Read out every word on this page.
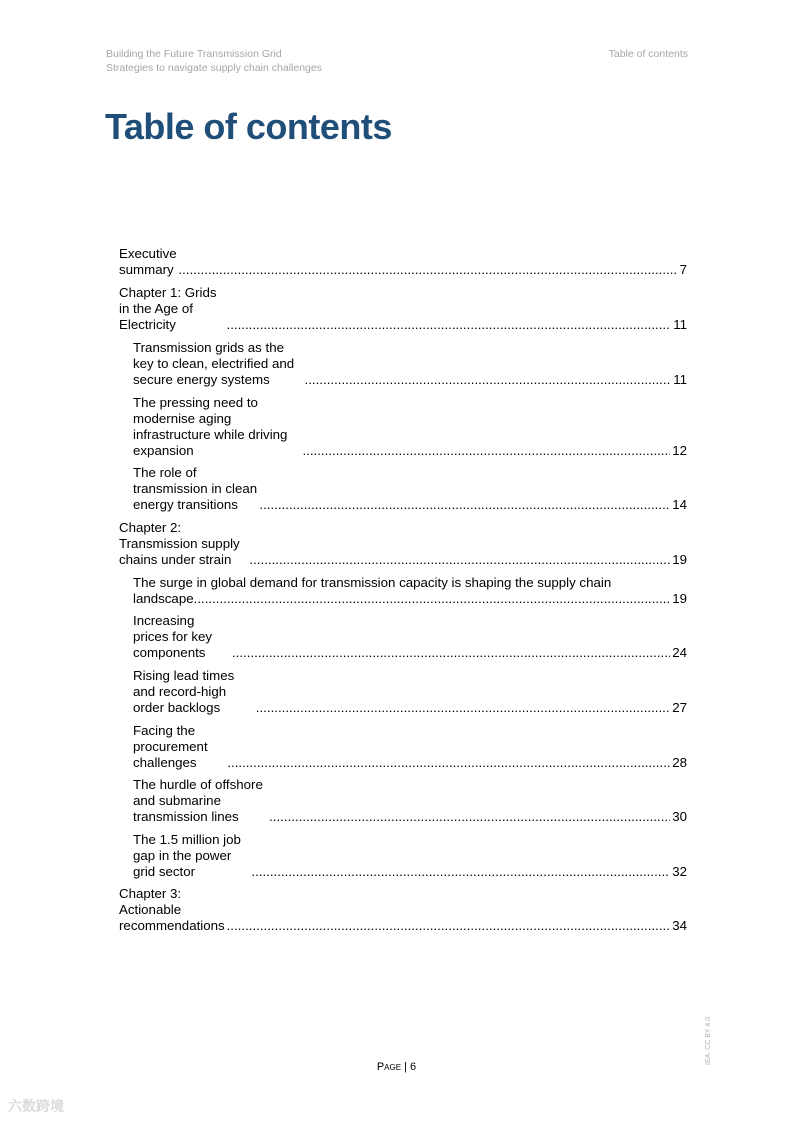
Building the Future Transmission Grid
Strategies to navigate supply chain challenges
Table of contents
Table of contents
Executive summary .....	7
Chapter 1: Grids in the Age of Electricity .....	11
Transmission grids as the key to clean, electrified and secure energy systems .....	11
The pressing need to modernise aging infrastructure while driving expansion .....	12
The role of transmission in clean energy transitions .....	14
Chapter 2: Transmission supply chains under strain .....	19
The surge in global demand for transmission capacity is shaping the supply chain
landscape .....	19
Increasing prices for key components .....	24
Rising lead times and record-high order backlogs .....	27
Facing the procurement challenges .....	28
The hurdle of offshore and submarine transmission lines .....	30
The 1.5 million job gap in the power grid sector .....	32
Chapter 3: Actionable recommendations .....	34
Page | 6
IEA. CC BY 4.0.
六数跨境
